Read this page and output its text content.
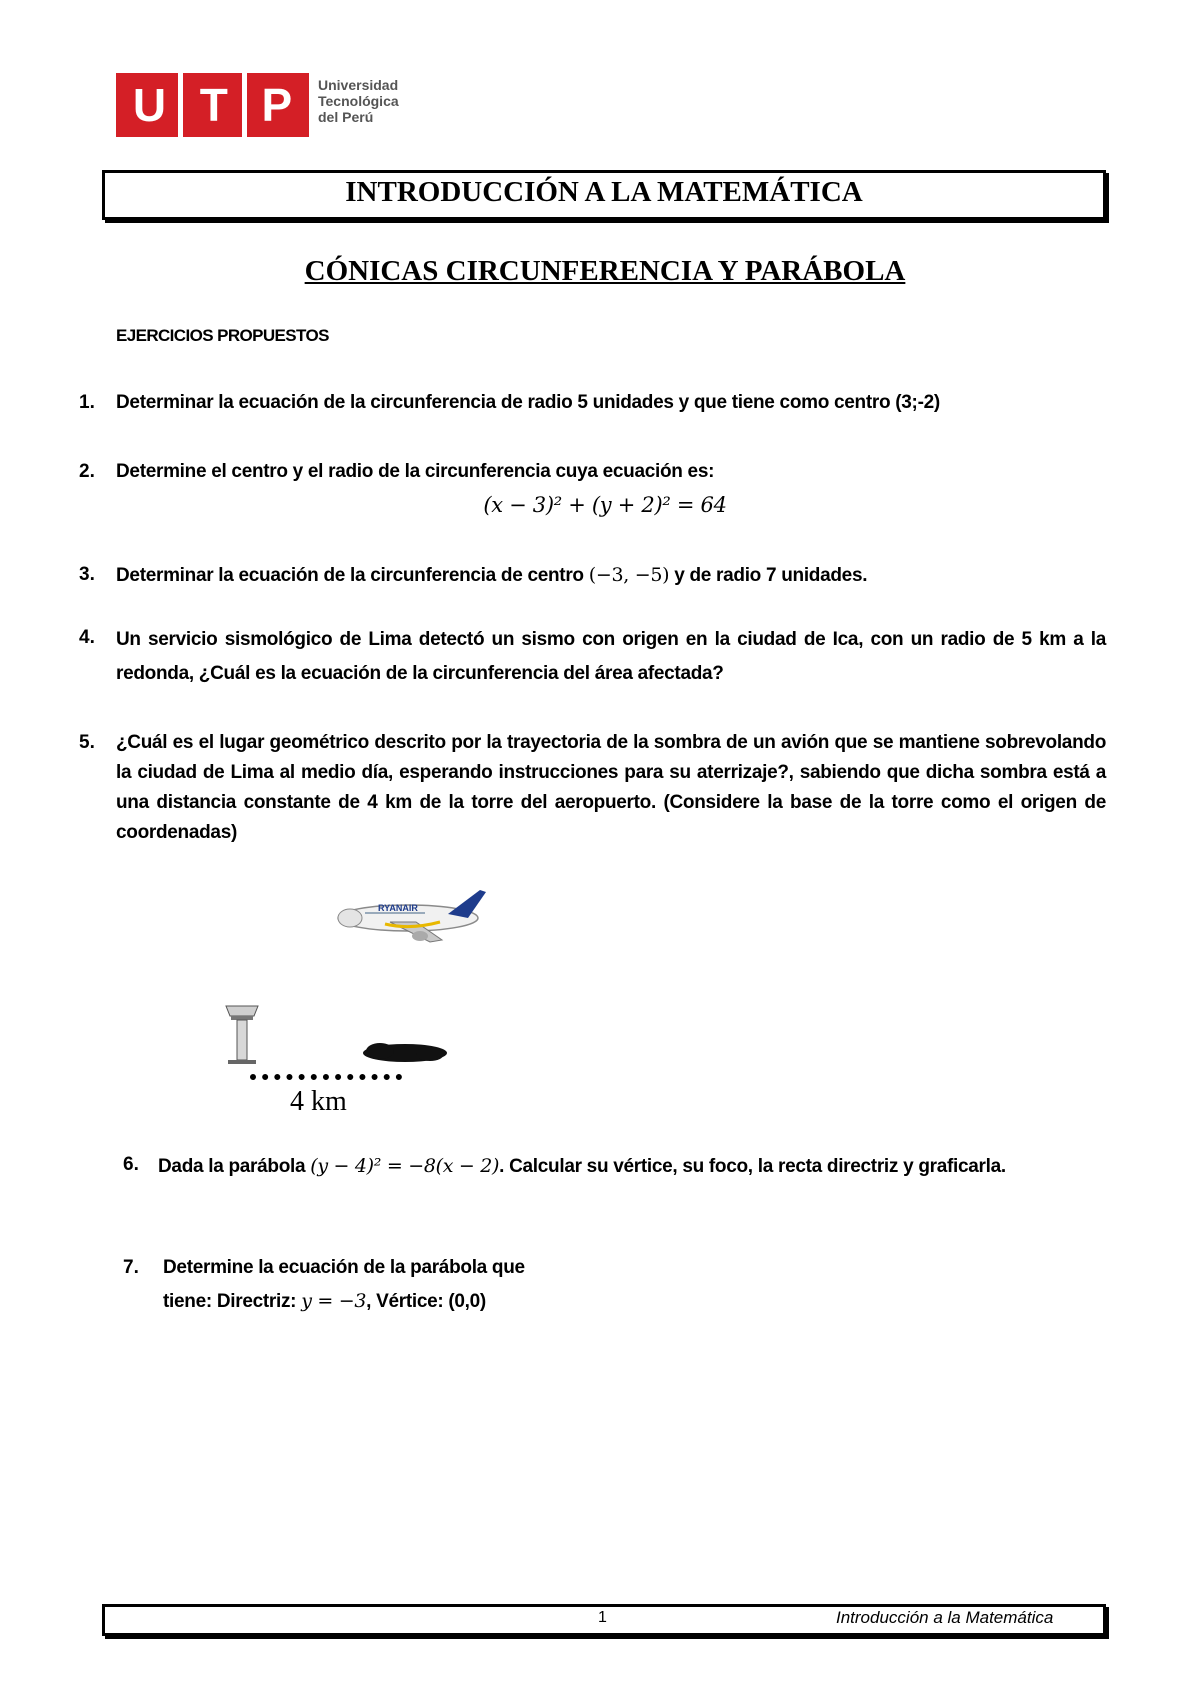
U T P Universidad
Tecnológica
del Perú
INTRODUCCIÓN A LA MATEMÁTICA
CÓNICAS CIRCUNFERENCIA Y PARÁBOLA
EJERCICIOS PROPUESTOS
1. Determinar la ecuación de la circunferencia de radio 5 unidades y que tiene como centro (3;-2)
2. Determine el centro y el radio de la circunferencia cuya ecuación es:
(x − 3)² + (y + 2)² = 64
3. Determinar la ecuación de la circunferencia de centro (−3, −5) y de radio 7 unidades.
4. Un servicio sismológico de Lima detectó un sismo con origen en la ciudad de Ica, con un radio de 5 km a la redonda, ¿Cuál es la ecuación de la circunferencia del área afectada?
5. ¿Cuál es el lugar geométrico descrito por la trayectoria de la sombra de un avión que se mantiene sobrevolando la ciudad de Lima al medio día, esperando instrucciones para su aterrizaje?, sabiendo que dicha sombra está a una distancia constante de 4 km de la torre del aeropuerto. (Considere la base de la torre como el origen de coordenadas)
RYANAIR
4 km
6. Dada la parábola (y − 4)² = −8(x − 2). Calcular su vértice, su foco, la recta directriz y graficarla.
7. Determine la ecuación de la parábola que
tiene: Directriz: y = −3, Vértice: (0,0)
1	Introducción a la Matemática
